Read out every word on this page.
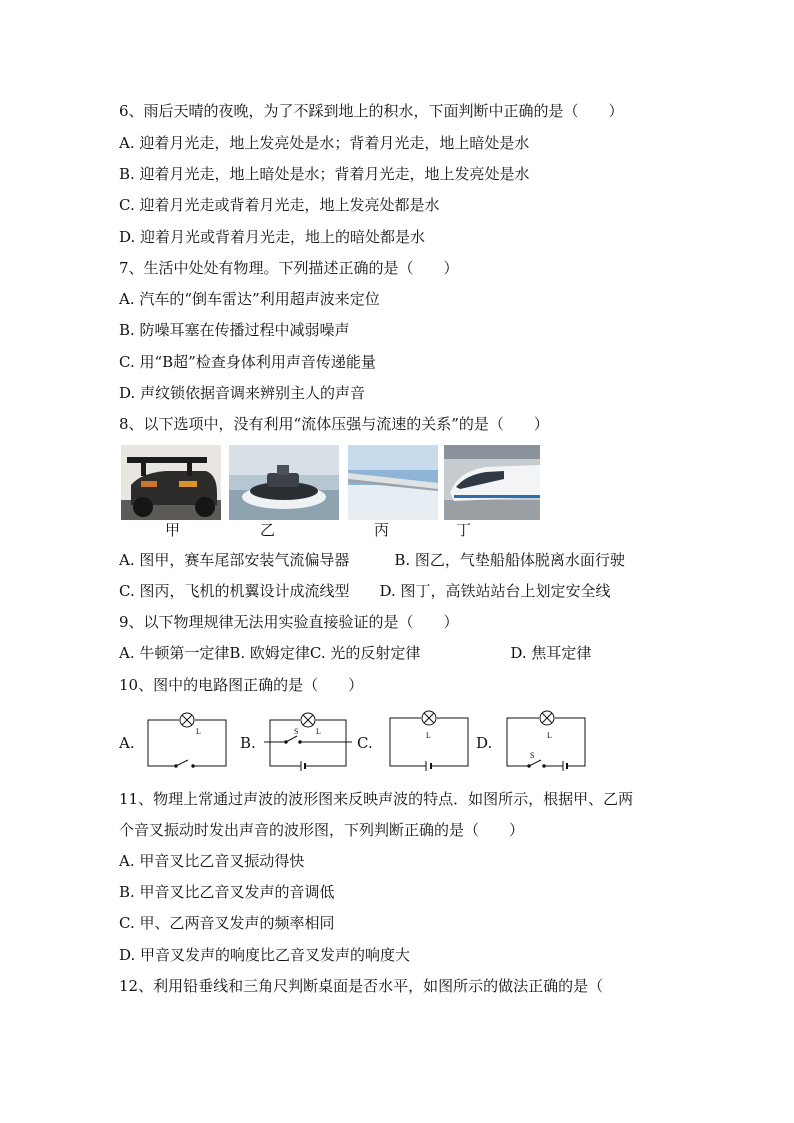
6、雨后天晴的夜晚，为了不踩到地上的积水，下面判断中正确的是（　　）
A. 迎着月光走，地上发亮处是水；背着月光走，地上暗处是水
B. 迎着月光走，地上暗处是水；背着月光走，地上发亮处是水
C. 迎着月光走或背着月光走，地上发亮处都是水
D. 迎着月光或背着月光走，地上的暗处都是水
7、生活中处处有物理。下列描述正确的是（　　）
A. 汽车的“倒车雷达”利用超声波来定位
B. 防噪耳塞在传播过程中减弱噪声
C. 用“B超”检查身体利用声音传递能量
D. 声纹锁依据音调来辨别主人的声音
8、以下选项中，没有利用“流体压强与流速的关系”的是（　　）
甲	乙	丙	丁
A. 图甲，赛车尾部安装气流偏导器　　　B. 图乙，气垫船船体脱离水面行驶
C. 图丙，飞机的机翼设计成流线型　　D. 图丁，高铁站站台上划定安全线
9、以下物理规律无法用实验直接验证的是（　　）
A. 牛顿第一定律B. 欧姆定律C. 光的反射定律　　　　　　D. 焦耳定律
10、图中的电路图正确的是（　　）
A.
L
B.
S L
C.	L	D.
S
L
11、物理上常通过声波的波形图来反映声波的特点．如图所示，根据甲、乙两
个音叉振动时发出声音的波形图，下列判断正确的是（　　）
A. 甲音叉比乙音叉振动得快
B. 甲音叉比乙音叉发声的音调低
C. 甲、乙两音叉发声的频率相同
D. 甲音叉发声的响度比乙音叉发声的响度大
12、利用铅垂线和三角尺判断桌面是否水平，如图所示的做法正确的是（
